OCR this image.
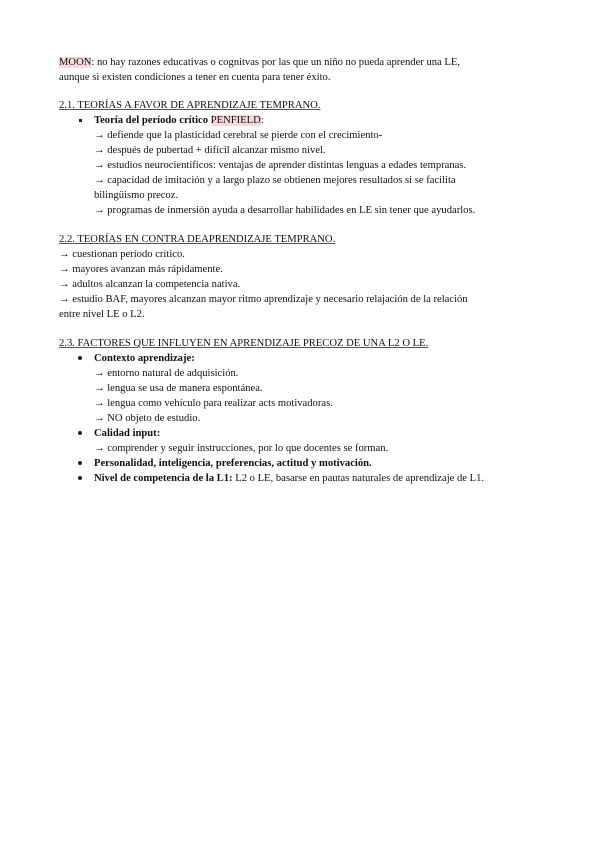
MOON: no hay razones educativas o cognitvas por las que un niño no pueda aprender una LE,

aunque si existen condiciones a tener en cuenta para tener éxito.

2.1. TEORÍAS A FAVOR DE APRENDIZAJE TEMPRANO.

Teoría del período crítico PENFIELD:

→ defiende que la plasticidad cerebral se pierde con el crecimiento-

→ después de pubertad + difícil alcanzar mismo nivel.

→ estudios neurocientíficos: ventajas de aprender distintas lenguas a edades tempranas.

→ capacidad de imitación y a largo plazo se obtienen mejores resultados si se facilita

bilingüismo precoz.

→ programas de inmersión ayuda a desarrollar habilidades en LE sin tener que ayudarlos.

2.2. TEORÍAS EN CONTRA DEAPRENDIZAJE TEMPRANO.

→ cuestionan período crítico.

→ mayores avanzan más rápidamente.

→ adultos alcanzan la competencia nativa.

→ estudio BAF, mayores alcanzan mayor ritmo aprendizaje y necesario relajación de la relación

entre nivel LE o L2.

2.3. FACTORES QUE INFLUYEN EN APRENDIZAJE PRECOZ DE UNA L2 O LE.

Contexto aprendizaje:

→ entorno natural de adquisición.

→ lengua se usa de manera espontánea.

→ lengua como vehículo para realizar acts motivadoras.

→ NO objeto de estudio.

Calidad input:

→ comprender y seguir instrucciones, por lo que docentes se forman.

Personalidad, inteligencia, preferencias, actitud y motivación.
Nivel de competencia de la L1: L2 o LE, basarse en pautas naturales de aprendizaje de L1.
